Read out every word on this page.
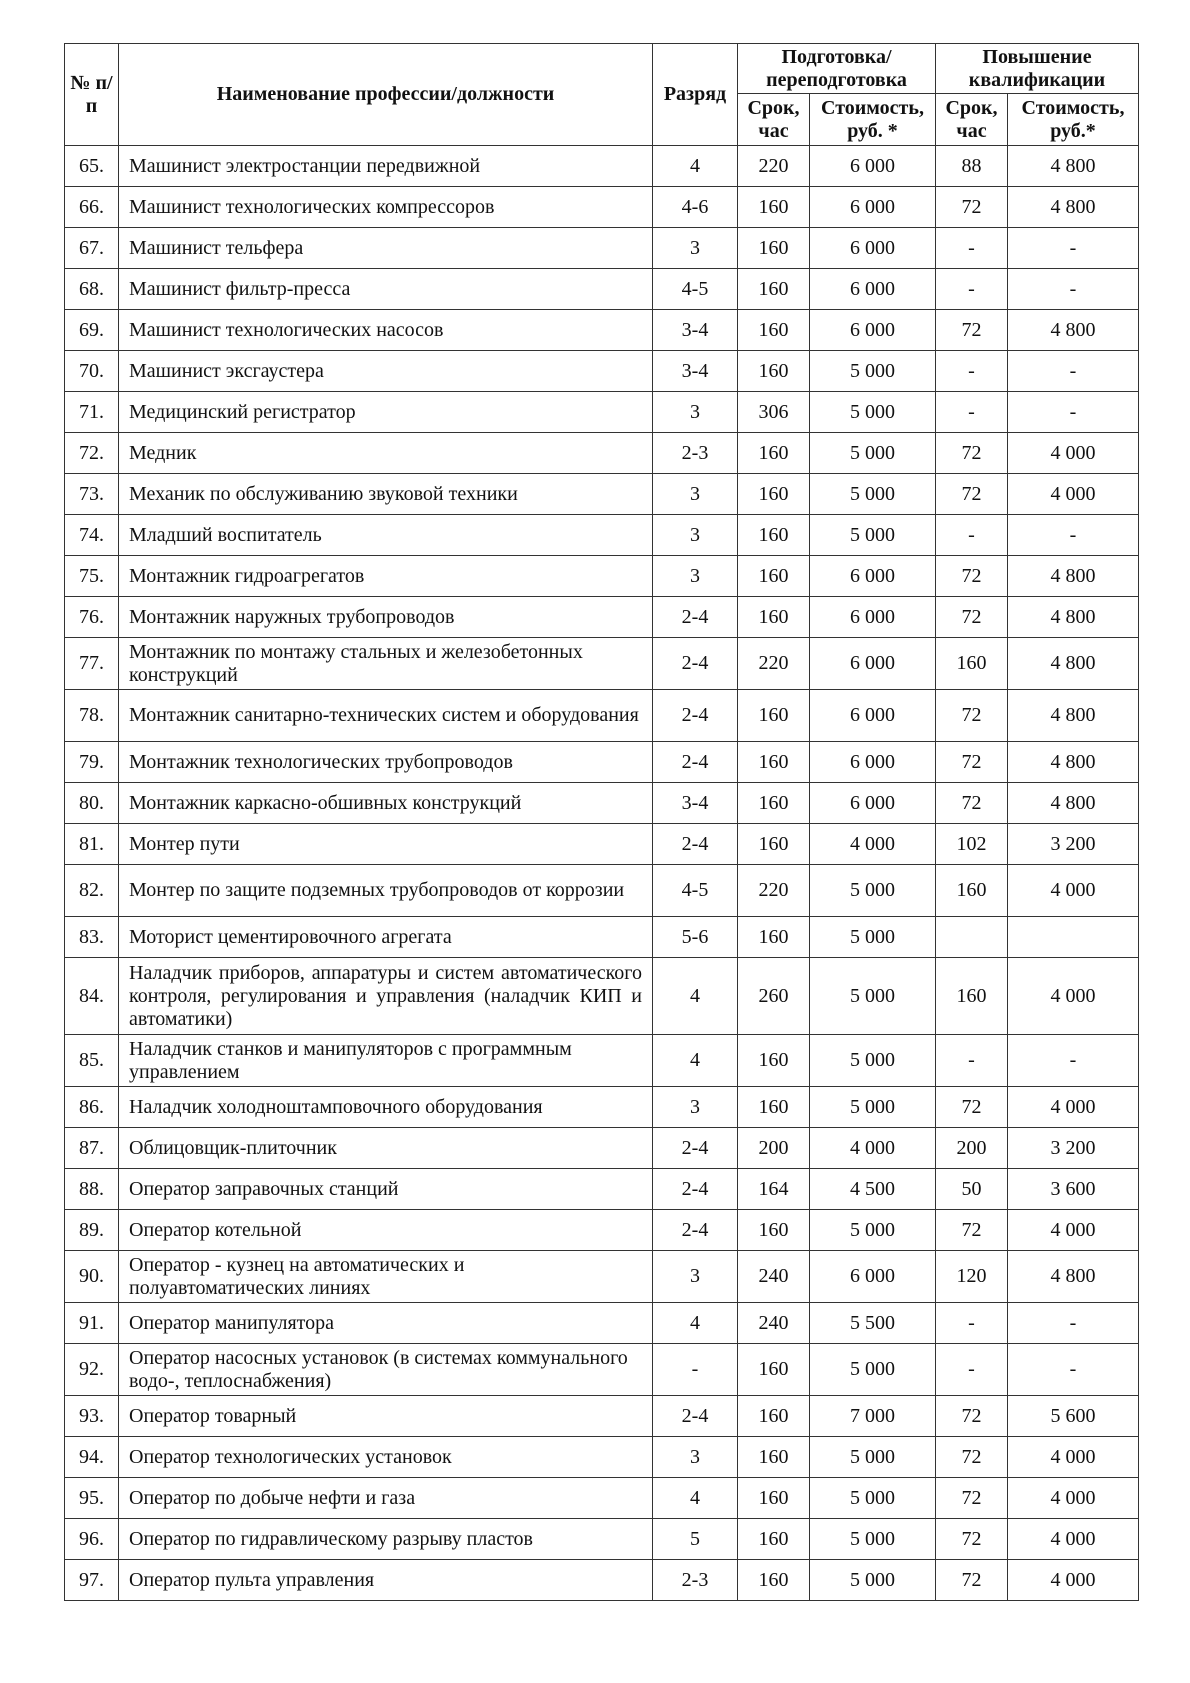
№ п/п	Наименование профессии/должности	Разряд	Подготовка/ переподготовка		Повышение квалификации	
			Срок, час	Стоимость, руб. *	Срок, час	Стоимость, руб.*
65.	Машинист электростанции передвижной	4	220	6 000	88	4 800
66.	Машинист технологических компрессоров	4-6	160	6 000	72	4 800
67.	Машинист тельфера	3	160	6 000	-	-
68.	Машинист фильтр-пресса	4-5	160	6 000	-	-
69.	Машинист технологических насосов	3-4	160	6 000	72	4 800
70.	Машинист эксгаустера	3-4	160	5 000	-	-
71.	Медицинский регистратор	3	306	5 000	-	-
72.	Медник	2-3	160	5 000	72	4 000
73.	Механик по обслуживанию звуковой техники	3	160	5 000	72	4 000
74.	Младший воспитатель	3	160	5 000	-	-
75.	Монтажник гидроагрегатов	3	160	6 000	72	4 800
76.	Монтажник наружных трубопроводов	2-4	160	6 000	72	4 800
77.	Монтажник по монтажу стальных и железобетонных конструкций	2-4	220	6 000	160	4 800
78.	Монтажник санитарно-технических систем и оборудования	2-4	160	6 000	72	4 800
79.	Монтажник технологических трубопроводов	2-4	160	6 000	72	4 800
80.	Монтажник каркасно-обшивных конструкций	3-4	160	6 000	72	4 800
81.	Монтер пути	2-4	160	4 000	102	3 200
82.	Монтер по защите подземных трубопроводов от коррозии	4-5	220	5 000	160	4 000
83.	Моторист цементировочного агрегата	5-6	160	5 000		
84.	Наладчик приборов, аппаратуры и систем автоматического контроля, регулирования и управления (наладчик КИП и автоматики)	4	260	5 000	160	4 000
85.	Наладчик станков и манипуляторов с программным управлением	4	160	5 000	-	-
86.	Наладчик холодноштамповочного оборудования	3	160	5 000	72	4 000
87.	Облицовщик-плиточник	2-4	200	4 000	200	3 200
88.	Оператор заправочных станций	2-4	164	4 500	50	3 600
89.	Оператор котельной	2-4	160	5 000	72	4 000
90.	Оператор - кузнец на автоматических и полуавтоматических линиях	3	240	6 000	120	4 800
91.	Оператор манипулятора	4	240	5 500	-	-
92.	Оператор насосных установок (в системах коммунального водо-, теплоснабжения)	-	160	5 000	-	-
93.	Оператор товарный	2-4	160	7 000	72	5 600
94.	Оператор технологических установок	3	160	5 000	72	4 000
95.	Оператор по добыче нефти и газа	4	160	5 000	72	4 000
96.	Оператор по гидравлическому разрыву пластов	5	160	5 000	72	4 000
97.	Оператор пульта управления	2-3	160	5 000	72	4 000
